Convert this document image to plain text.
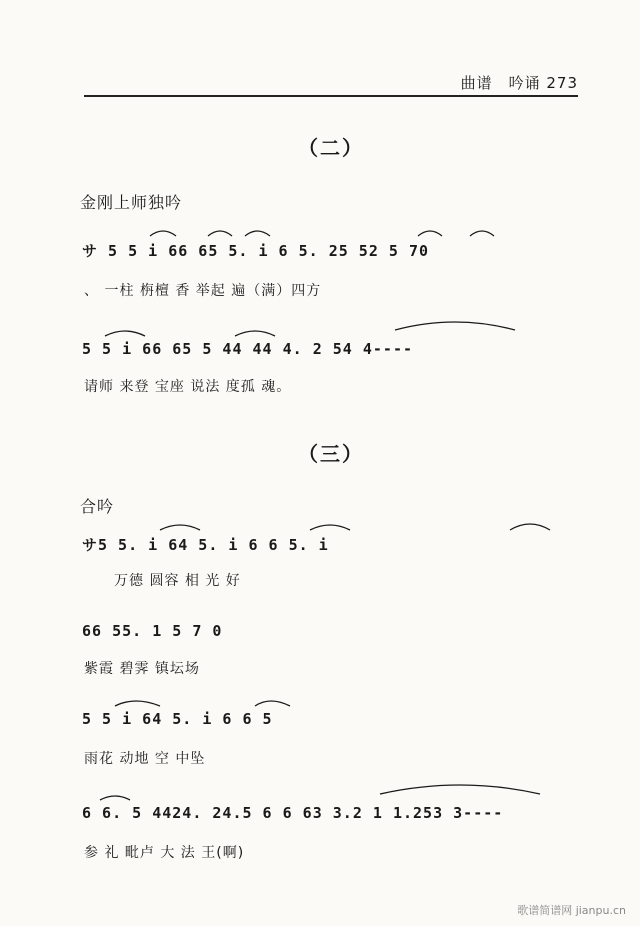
曲谱　吟诵 273
（二）
金刚上师独吟
サ 5 5 i 66 65 5. i 6 5. 25 52 5 70
、 一柱 栴檀 香 举起 遍（满）四方
5 5 i 66 65 5 44 44 4. 2 54 4----
请师 来登 宝座 说法 度孤 魂。
（三）
合吟
サ5 5. i 64 5. i 6 6 5. i
万德 圆容 相 光 好
66 55. 1 5 7 0
紫霞 碧霁 镇坛场
5 5 i 64 5. i 6 6 5
雨花 动地 空 中坠
6 6. 5 4424. 24.5 6 6 63 3.2 1 1.253 3----
参 礼 毗卢 大 法 王(啊)
歌谱简谱网 jianpu.cn
